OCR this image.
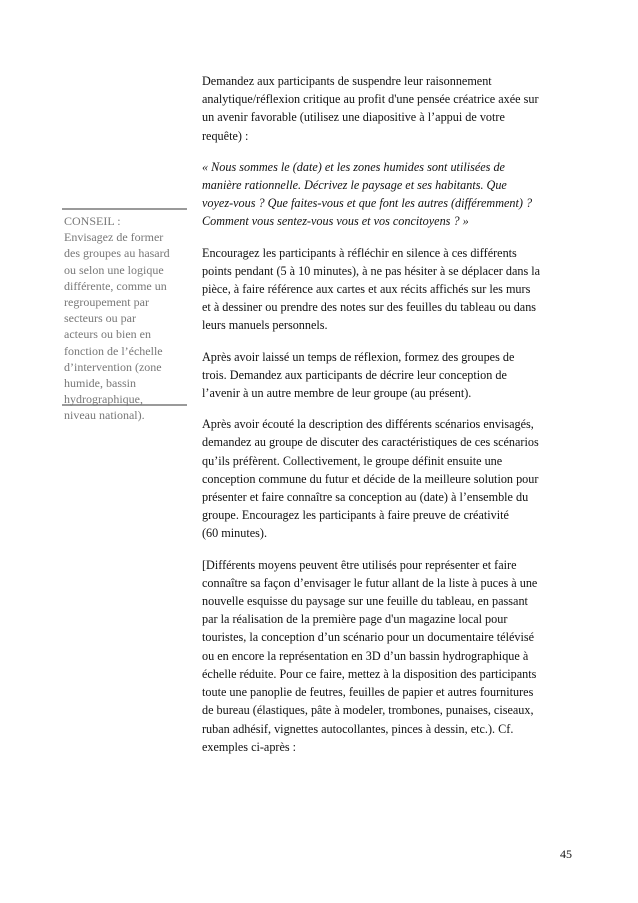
Demandez aux participants de suspendre leur raisonnement
analytique/réflexion critique au profit d'une pensée créatrice axée sur
un avenir favorable (utilisez une diapositive à l’appui de votre
requête) :

« Nous sommes le (date) et les zones humides sont utilisées de
manière rationnelle. Décrivez le paysage et ses habitants. Que
voyez-vous ? Que faites-vous et que font les autres (différemment) ?
Comment vous sentez-vous vous et vos concitoyens ? »

Encouragez les participants à réfléchir en silence à ces différents
points pendant (5 à 10 minutes), à ne pas hésiter à se déplacer dans la
pièce, à faire référence aux cartes et aux récits affichés sur les murs
et à dessiner ou prendre des notes sur des feuilles du tableau ou dans
leurs manuels personnels.

Après avoir laissé un temps de réflexion, formez des groupes de
trois. Demandez aux participants de décrire leur conception de
l’avenir à un autre membre de leur groupe (au présent).

Après avoir écouté la description des différents scénarios envisagés,
demandez au groupe de discuter des caractéristiques de ces scénarios
qu’ils préfèrent. Collectivement, le groupe définit ensuite une
conception commune du futur et décide de la meilleure solution pour
présenter et faire connaître sa conception au (date) à l’ensemble du
groupe. Encouragez les participants à faire preuve de créativité
(60 minutes).

[Différents moyens peuvent être utilisés pour représenter et faire
connaître sa façon d’envisager le futur allant de la liste à puces à une
nouvelle esquisse du paysage sur une feuille du tableau, en passant
par la réalisation de la première page d'un magazine local pour
touristes, la conception d’un scénario pour un documentaire télévisé
ou en encore la représentation en 3D d’un bassin hydrographique à
échelle réduite. Pour ce faire, mettez à la disposition des participants
toute une panoplie de feutres, feuilles de papier et autres fournitures
de bureau (élastiques, pâte à modeler, trombones, punaises, ciseaux,
ruban adhésif, vignettes autocollantes, pinces à dessin, etc.). Cf.
exemples ci-après :

CONSEIL :
Envisagez de former
des groupes au hasard
ou selon une logique
différente, comme un
regroupement par
secteurs ou par
acteurs ou bien en
fonction de l’échelle
d’intervention (zone
humide, bassin
hydrographique,
niveau national).

45
